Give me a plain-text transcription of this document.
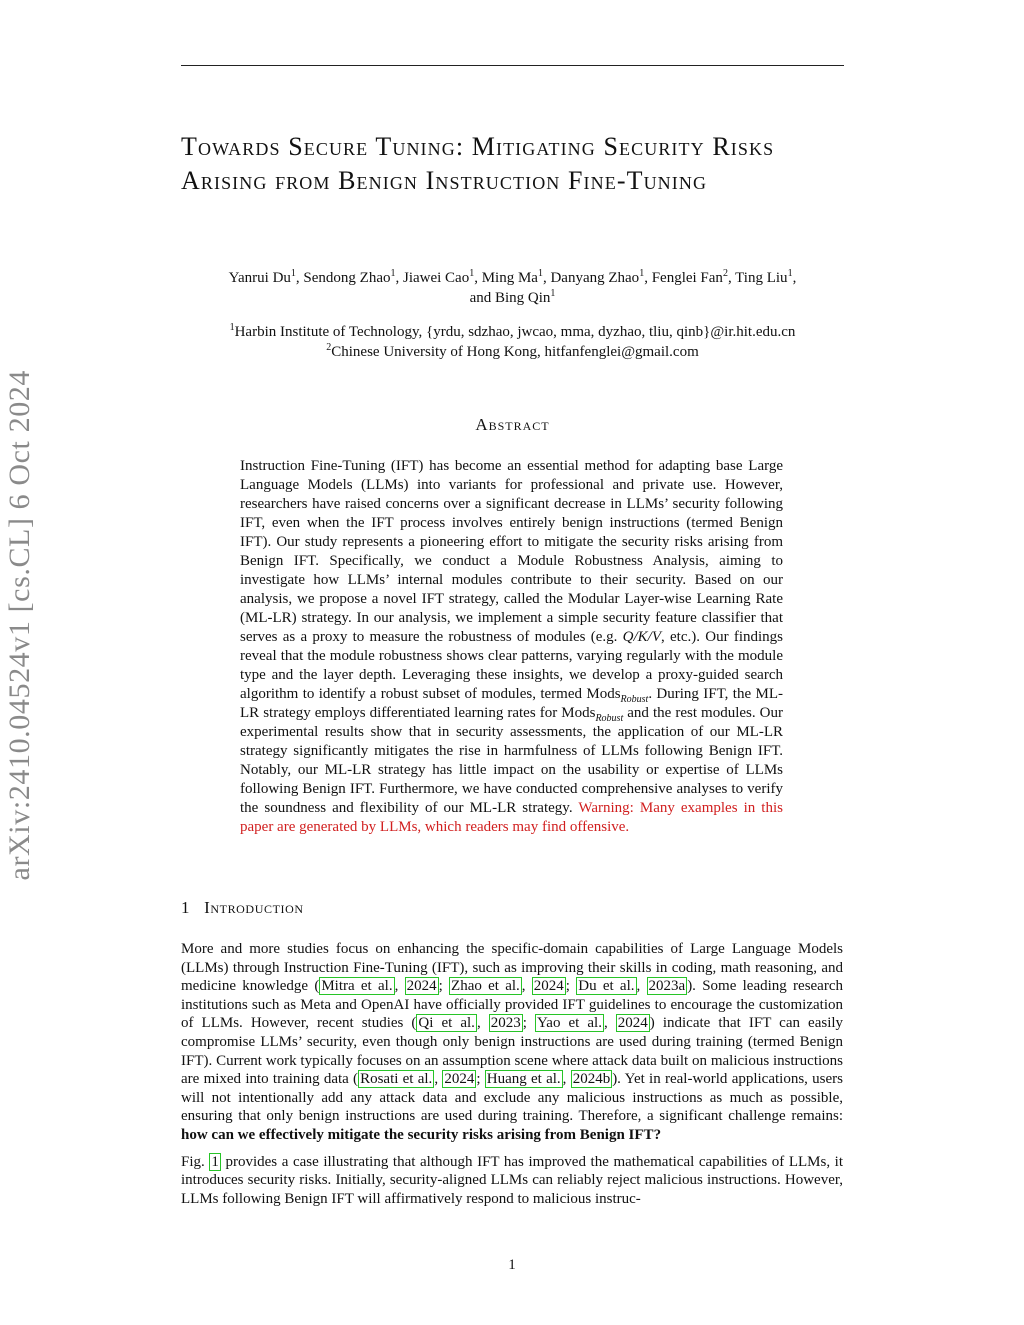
arXiv:2410.04524v1 [cs.CL] 6 Oct 2024
Towards Secure Tuning: Mitigating Security Risks Arising from Benign Instruction Fine-Tuning
Yanrui Du$^1$, Sendong Zhao$^1$, Jiawei Cao$^1$, Ming Ma$^1$, Danyang Zhao$^1$, Fenglei Fan$^2$, Ting Liu$^1$,
and Bing Qin$^1$
$^1$Harbin Institute of Technology, {yrdu, sdzhao, jwcao, mma, dyzhao, tliu, qinb}@ir.hit.edu.cn
$^2$Chinese University of Hong Kong, hitfanfenglei@gmail.com
Abstract
Instruction Fine-Tuning (IFT) has become an essential method for adapting base Large Language Models (LLMs) into variants for professional and private use. However, researchers have raised concerns over a significant decrease in LLMs’ security following IFT, even when the IFT process involves entirely benign instructions (termed Benign IFT). Our study represents a pioneering effort to mitigate the security risks arising from Benign IFT. Specifically, we conduct a Module Robustness Analysis, aiming to investigate how LLMs’ internal modules contribute to their security. Based on our analysis, we propose a novel IFT strategy, called the Modular Layer-wise Learning Rate (ML-LR) strategy. In our analysis, we implement a simple security feature classifier that serves as a proxy to measure the robustness of modules (e.g. Q/K/V, etc.). Our findings reveal that the module robustness shows clear patterns, varying regularly with the module type and the layer depth. Leveraging these insights, we develop a proxy-guided search algorithm to identify a robust subset of modules, termed Mods$_{Robust}$. During IFT, the ML-LR strategy employs differentiated learning rates for Mods$_{Robust}$ and the rest modules. Our experimental results show that in security assessments, the application of our ML-LR strategy significantly mitigates the rise in harmfulness of LLMs following Benign IFT. Notably, our ML-LR strategy has little impact on the usability or expertise of LLMs following Benign IFT. Furthermore, we have conducted comprehensive analyses to verify the soundness and flexibility of our ML-LR strategy. Warning: Many examples in this paper are generated by LLMs, which readers may find offensive.
1 Introduction

More and more studies focus on enhancing the specific-domain capabilities of Large Language Models (LLMs) through Instruction Fine-Tuning (IFT), such as improving their skills in coding, math reasoning, and medicine knowledge ( Mitra et al. , 2024 ; Zhao et al. , 2024 ; Du et al. , 2023a ). Some leading research institutions such as Meta and OpenAI have officially provided IFT guidelines to encourage the customization of LLMs. However, recent studies ( Qi et al. , 2023 ; Yao et al. , 2024 ) indicate that IFT can easily compromise LLMs’ security, even though only benign instructions are used during training (termed Benign IFT). Current work typically focuses on an assumption scene where attack data built on malicious instructions are mixed into training data ( Rosati et al. , 2024 ; Huang et al. , 2024b ). Yet in real-world applications, users will not intentionally add any attack data and exclude any malicious instructions as much as possible, ensuring that only benign instructions are used during training. Therefore, a significant challenge remains: how can we effectively mitigate the security risks arising from Benign IFT?

Fig. 1 provides a case illustrating that although IFT has improved the mathematical capabilities of LLMs, it introduces security risks. Initially, security-aligned LLMs can reliably reject malicious instructions. However, LLMs following Benign IFT will affirmatively respond to malicious instruc-

1
